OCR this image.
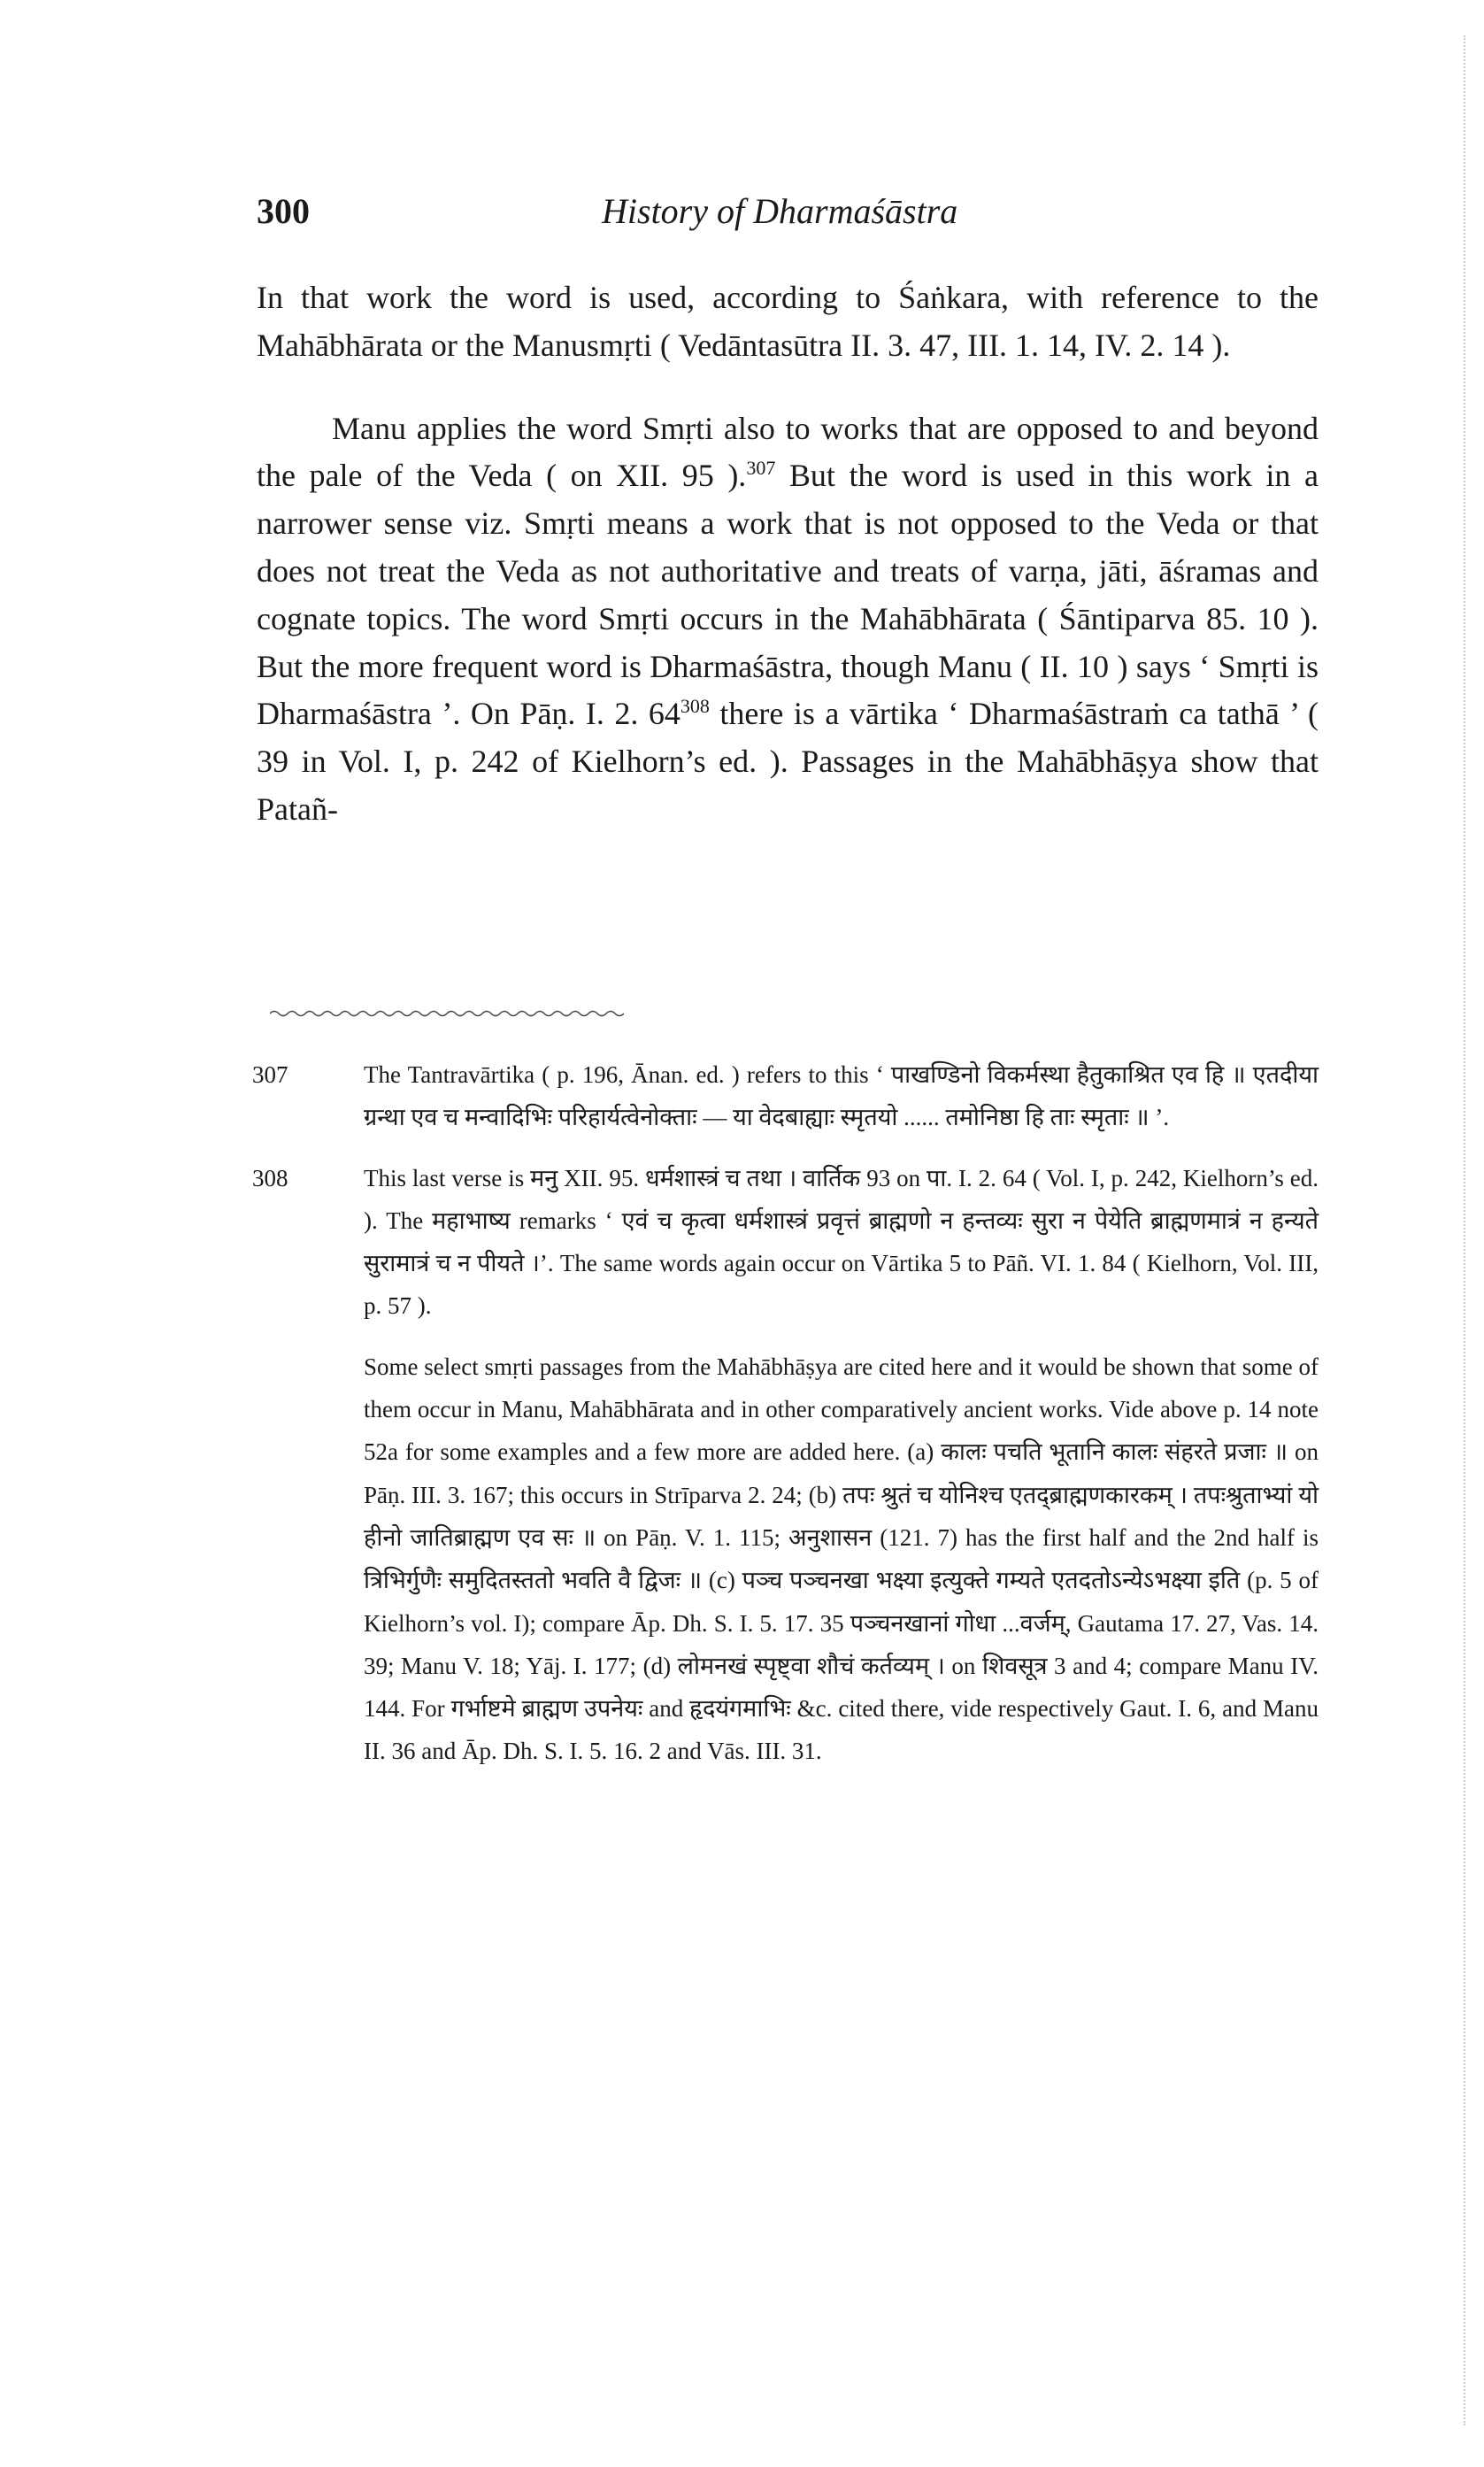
300	History of Dharmaśāstra

In that work the word is used, according to Śaṅkara, with reference to the Mahābhārata or the Manusmṛti ( Vedāntasūtra II. 3. 47, III. 1. 14, IV. 2. 14 ).

Manu applies the word Smṛti also to works that are opposed to and beyond the pale of the Veda ( on XII. 95 ).$^{307}$ But the word is used in this work in a narrower sense viz. Smṛti means a work that is not opposed to the Veda or that does not treat the Veda as not authoritative and treats of varṇa, jāti, āśramas and cognate topics. The word Smṛti occurs in the Mahābhārata ( Śāntiparva 85. 10 ). But the more frequent word is Dharmaśāstra, though Manu ( II. 10 ) says ‘ Smṛti is Dharmaśāstra ’. On Pāṇ. I. 2. $64^{308}$ there is a vārtika ‘ Dharmaśāstraṁ ca tathā ’ ( 39 in Vol. I, p. 242 of Kielhorn’s ed. ). Passages in the Mahābhāṣya show that Patañ-

307	The Tantravārtika ( p. 196, Ānan. ed. ) refers to this ‘ पाखण्डिनो विकर्मस्था हैतुकाश्रित एव हि ॥ एतदीया ग्रन्था एव च मन्वादिभिः परिहार्यत्वेनोक्ताः — या वेदबाह्याः स्मृतयो ...... तमोनिष्ठा हि ताः स्मृताः ॥ ’.
308	This last verse is मनु XII. 95. धर्मशास्त्रं च तथा । वार्तिक 93 on पा. I. 2. 64 ( Vol. I, p. 242, Kielhorn’s ed. ). The महाभाष्य remarks ‘ एवं च कृत्वा धर्मशास्त्रं प्रवृत्तं ब्राह्मणो न हन्तव्यः सुरा न पेयेति ब्राह्मणमात्रं न हन्यते सुरामात्रं च न पीयते ।’. The same words again occur on Vārtika 5 to Pāñ. VI. 1. 84 ( Kielhorn, Vol. III, p. 57 ).
Some select smṛti passages from the Mahābhāṣya are cited here and it would be shown that some of them occur in Manu, Mahābhārata and in other comparatively ancient works. Vide above p. 14 note 52a for some examples and a few more are added here. (a) कालः पचति भूतानि कालः संहरते प्रजाः ॥ on Pāṇ. III. 3. 167; this occurs in Strīparva 2. 24; (b) तपः श्रुतं च योनिश्च एतद्ब्राह्मणकारकम् । तपःश्रुताभ्यां यो हीनो जातिब्राह्मण एव सः ॥ on Pāṇ. V. 1. 115; अनुशासन (121. 7) has the first half and the 2nd half is त्रिभिर्गुणैः समुदितस्ततो भवति वै द्विजः ॥ (c) पञ्च पञ्चनखा भक्ष्या इत्युक्ते गम्यते एतदतोऽन्येऽभक्ष्या इति (p. 5 of Kielhorn’s vol. I); compare Āp. Dh. S. I. 5. 17. 35 पञ्चनखानां गोधा ...वर्जम्, Gautama 17. 27, Vas. 14. 39; Manu V. 18; Yāj. I. 177; (d) लोमनखं स्पृष्ट्वा शौचं कर्तव्यम् । on शिवसूत्र 3 and 4; compare Manu IV. 144. For गर्भाष्टमे ब्राह्मण उपनेयः and हृदयंगमाभिः &c. cited there, vide respectively Gaut. I. 6, and Manu II. 36 and Āp. Dh. S. I. 5. 16. 2 and Vās. III. 31.
